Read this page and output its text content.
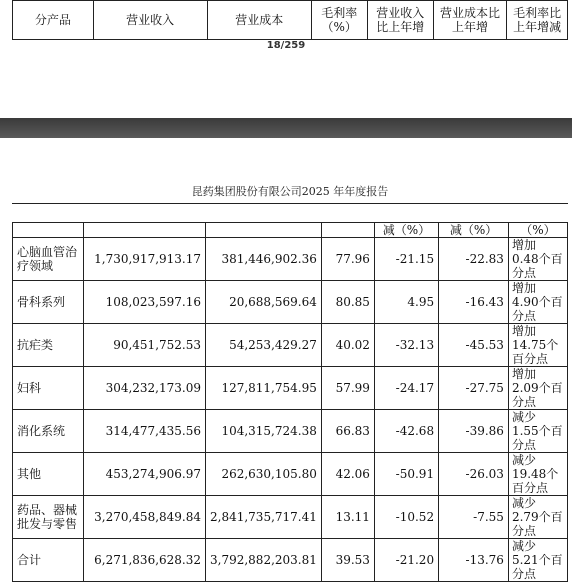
分产品	营业收入	营业成本	毛利率（%）	营业收入比上年增	营业成本比上年增	毛利率比上年增减
18/259
昆药集团股份有限公司2025 年年度报告
				减（%）	减（%）	（%）
心脑血管治疗领域	1,730,917,913.17	381,446,902.36	77.96	-21.15	-22.83	增加 0.48个百分点
骨科系列	108,023,597.16	20,688,569.64	80.85	4.95	-16.43	增加 4.90个百分点
抗疟类	90,451,752.53	54,253,429.27	40.02	-32.13	-45.53	增加 14.75个百分点
妇科	304,232,173.09	127,811,754.95	57.99	-24.17	-27.75	增加 2.09个百分点
消化系统	314,477,435.56	104,315,724.38	66.83	-42.68	-39.86	减少 1.55个百分点
其他	453,274,906.97	262,630,105.80	42.06	-50.91	-26.03	减少 19.48个百分点
药品、器械批发与零售	3,270,458,849.84	2,841,735,717.41	13.11	-10.52	-7.55	减少 2.79个百分点
合计	6,271,836,628.32	3,792,882,203.81	39.53	-21.20	-13.76	减少 5.21个百分点
